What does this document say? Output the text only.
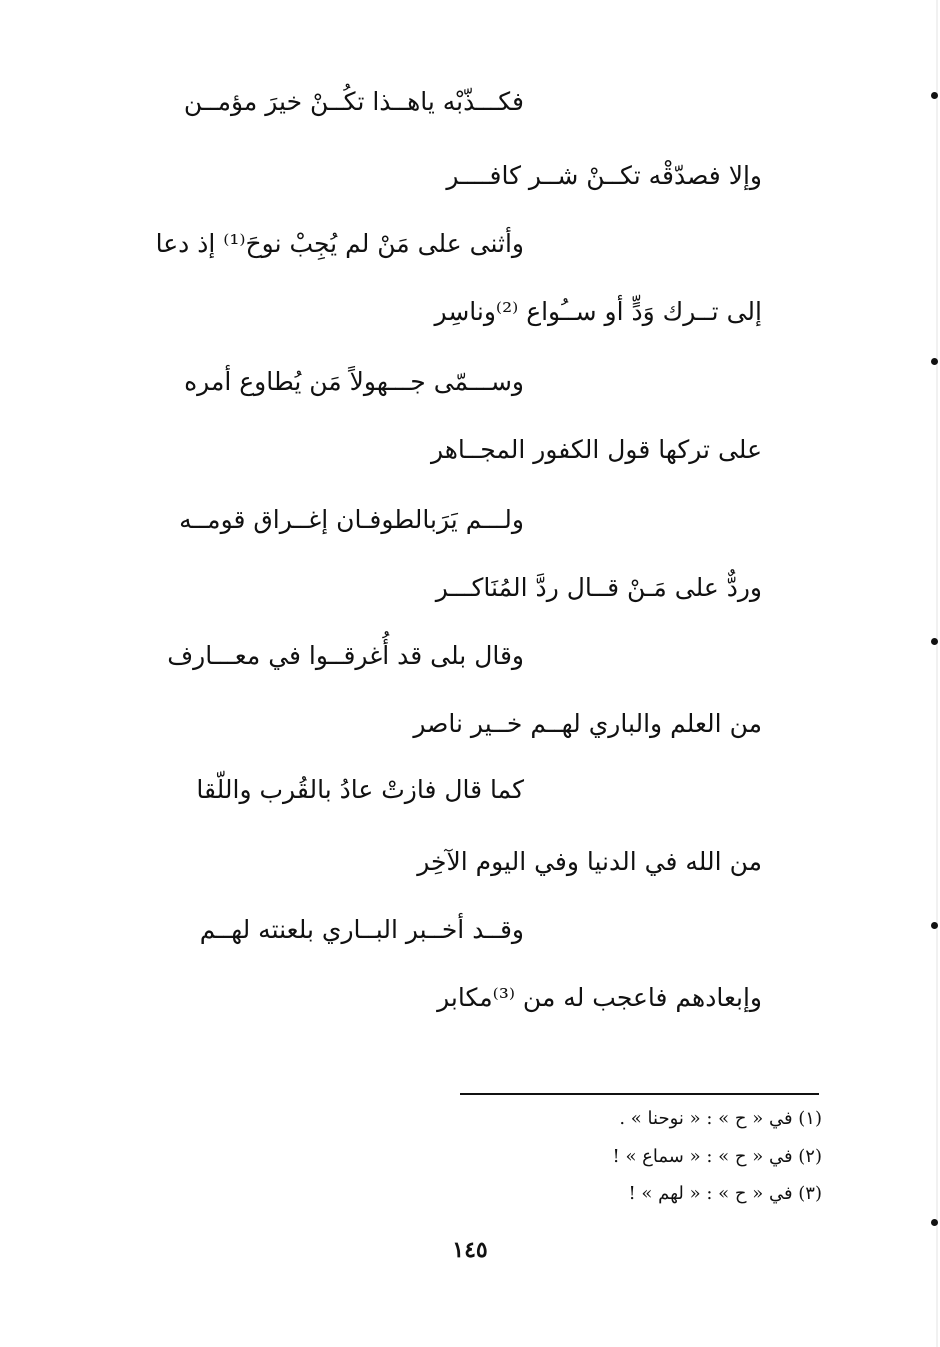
فكـــذّبْه ياهــذا تكُــنْ خيرَ مؤمــن
وإلا فصدّقْه تكــنْ شــر كافــــر
وأثنى على مَنْ لم يُجِبْ نوحَ⁽¹⁾ إذ دعا
إلى تــرك وَدٍّ أو ســُواع ⁽²⁾وناسِر
وســـمّى جـــهولاً مَن يُطاوع أمره
على تركها قول الكفور المجــاهر
ولـــم يَرَبالطوفـان إغــراق قومــه
وردٌّ على مَـنْ قــال ردَّ المُنَاكـــر
وقال بلى قد أُغرقــوا في معـــارف
من العلم والباري لهــم خــير ناصر
كما قال فازتْ عادُ بالقُرب واللّقا
من الله في الدنيا وفي اليوم الآخِر
وقــد أخــبر البــاري بلعنته لهــم
وإبعادهم فاعجب له من ⁽³⁾مكابر
(١) في « ح » : « نوحنا » .
(٢) في « ح » : « سماع » !
(٣) في « ح » : « لهم » !
١٤٥
